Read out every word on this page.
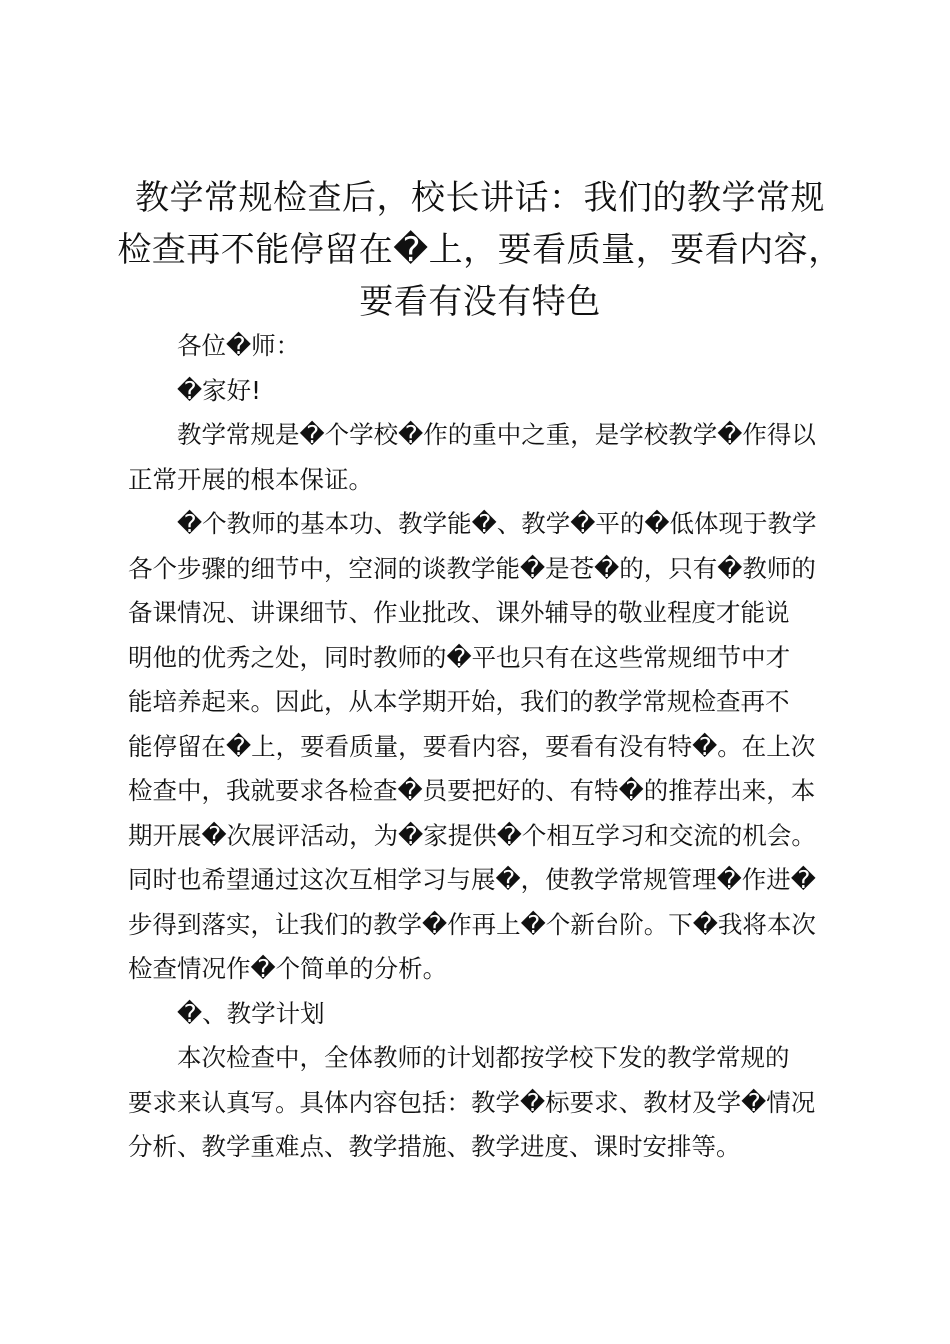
教学常规检查后，校长讲话：我们的教学常规
检查再不能停留在�上，要看质量，要看内容，
要看有没有特色

各位�师：

�家好!

教学常规是�个学校�作的重中之重，是学校教学�作得以
正常开展的根本保证。

�个教师的基本功、教学能�、教学�平的�低体现于教学
各个步骤的细节中，空洞的谈教学能�是苍�的，只有�教师的
备课情况、讲课细节、作业批改、课外辅导的敬业程度才能说
明他的优秀之处，同时教师的�平也只有在这些常规细节中才
能培养起来。因此，从本学期开始，我们的教学常规检查再不
能停留在�上，要看质量，要看内容，要看有没有特�。在上次
检查中，我就要求各检查�员要把好的、有特�的推荐出来，本
期开展�次展评活动，为�家提供�个相互学习和交流的机会。
同时也希望通过这次互相学习与展�，使教学常规管理�作进�
步得到落实，让我们的教学�作再上�个新台阶。下�我将本次
检查情况作�个简单的分析。

�、教学计划

本次检查中，全体教师的计划都按学校下发的教学常规的
要求来认真写。具体内容包括：教学�标要求、教材及学�情况
分析、教学重难点、教学措施、教学进度、课时安排等。
